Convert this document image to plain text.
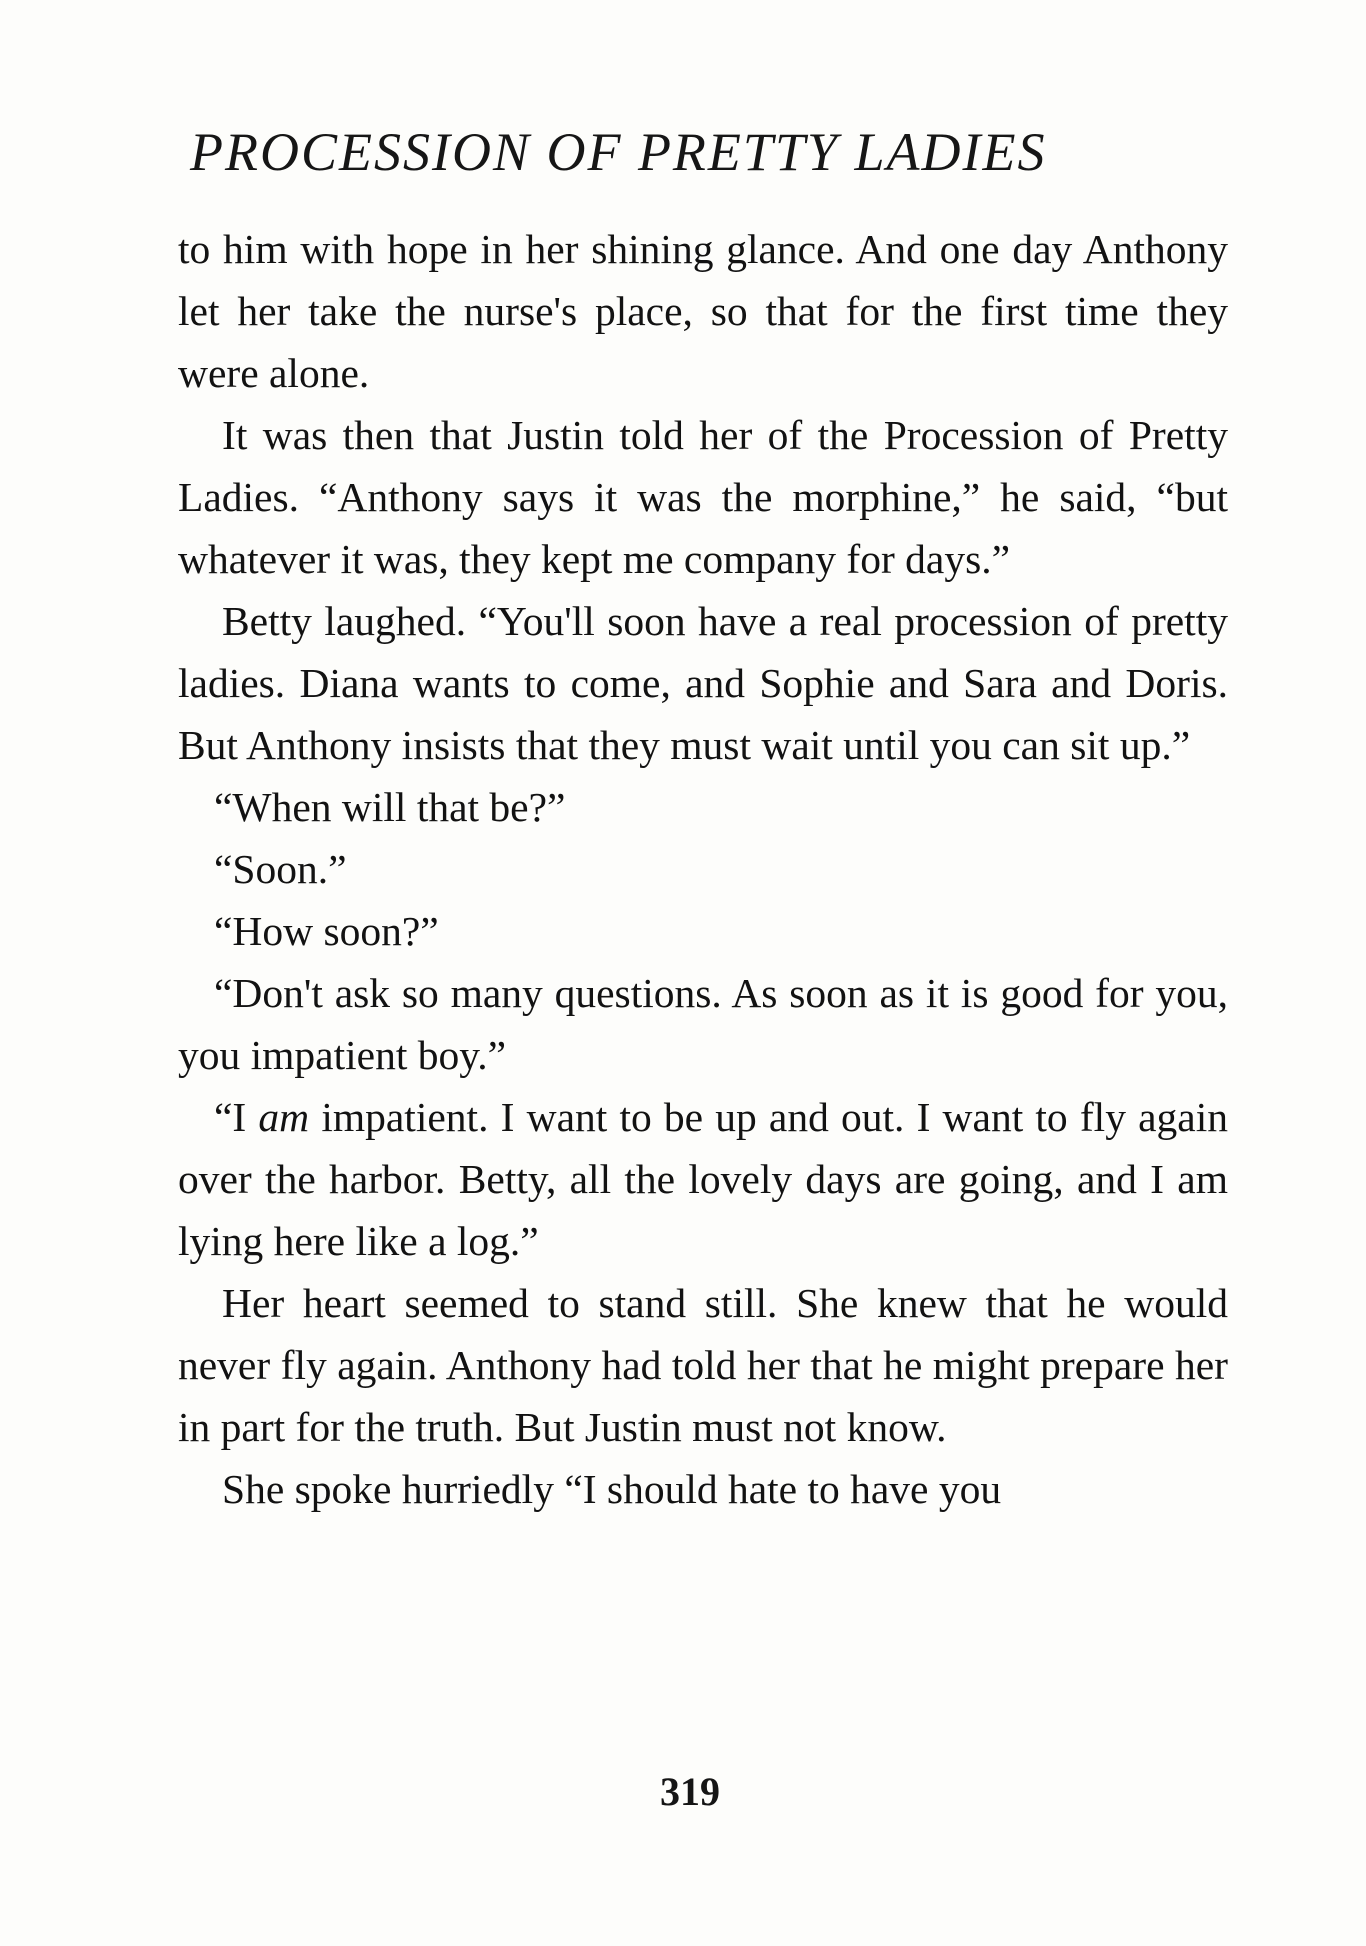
PROCESSION OF PRETTY LADIES

to him with hope in her shining glance. And one day Anthony let her take the nurse's place, so that for the first time they were alone.

It was then that Justin told her of the Procession of Pretty Ladies. “Anthony says it was the morphine,” he said, “but whatever it was, they kept me company for days.”

Betty laughed. “You'll soon have a real procession of pretty ladies. Diana wants to come, and Sophie and Sara and Doris. But Anthony insists that they must wait until you can sit up.”

“When will that be?”

“Soon.”

“How soon?”

“Don't ask so many questions. As soon as it is good for you, you impatient boy.”

“I am impatient. I want to be up and out. I want to fly again over the harbor. Betty, all the lovely days are going, and I am lying here like a log.”

Her heart seemed to stand still. She knew that he would never fly again. Anthony had told her that he might prepare her in part for the truth. But Justin must not know.

She spoke hurriedly “I should hate to have you

319
